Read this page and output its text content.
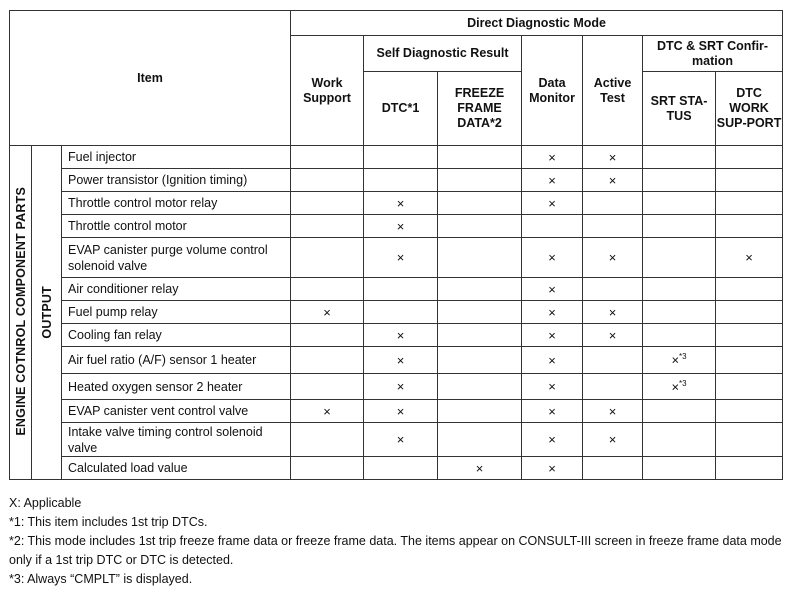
Item			Direct Diagnostic Mode						
			Work Support	Self Diagnostic Result		Data Monitor	Active Test	DTC & SRT Confir-mation	
				DTC*1	FREEZE FRAME DATA*2			SRT STA-TUS	DTC WORK SUP-PORT
ENGINE COTNROL COMPONENT PARTS	OUTPUT	Fuel injector				×	×		
		Power transistor (Ignition timing)				×	×		
		Throttle control motor relay		×		×			
		Throttle control motor		×					
		EVAP canister purge volume control solenoid valve		×		×	×		×
		Air conditioner relay				×			
		Fuel pump relay	×			×	×		
		Cooling fan relay		×		×	×		
		Air fuel ratio (A/F) sensor 1 heater		×		×		×$^{*3}$	
		Heated oxygen sensor 2 heater		×		×		×$^{*3}$	
		EVAP canister vent control valve	×	×		×	×		
		Intake valve timing control solenoid valve		×		×	×		
		Calculated load value			×	×			

X: Applicable

*1: This item includes 1st trip DTCs.

*2: This mode includes 1st trip freeze frame data or freeze frame data. The items appear on CONSULT-III screen in freeze frame data mode only if a 1st trip DTC or DTC is detected.

*3: Always “CMPLT” is displayed.
